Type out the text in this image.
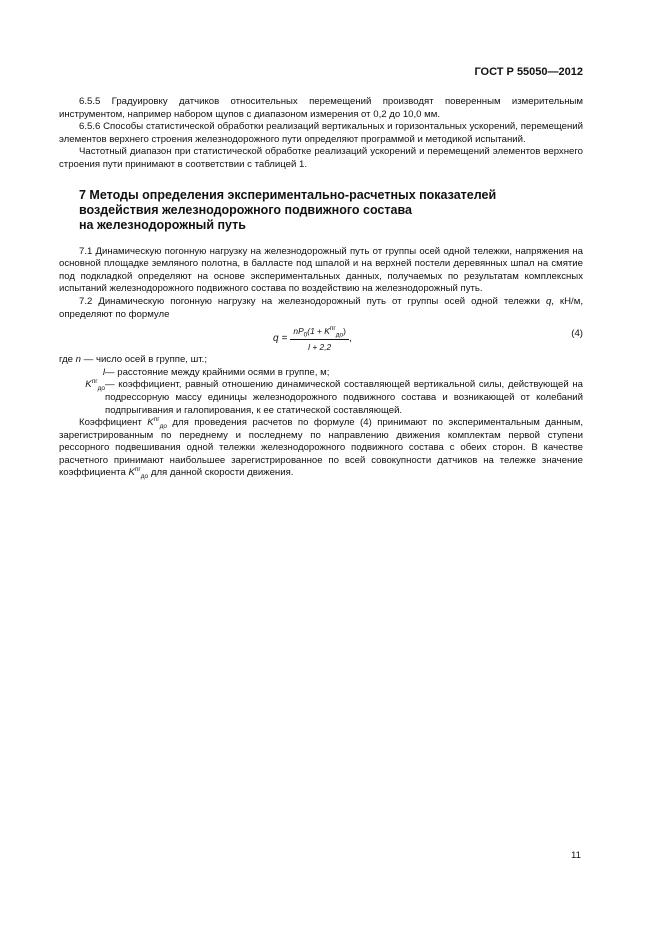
ГОСТ Р 55050—2012

6.5.5 Градуировку датчиков относительных перемещений производят поверенным измерительным инструментом, например набором щупов с диапазоном измерения от 0,2 до 10,0 мм.

6.5.6 Способы статистической обработки реализаций вертикальных и горизонтальных ускорений, перемещений элементов верхнего строения железнодорожного пути определяют программой и методикой испытаний.

Частотный диапазон при статистической обработке реализаций ускорений и перемещений элементов верхнего строения пути принимают в соответствии с таблицей 1.

7 Методы определения экспериментально-расчетных показателей
воздействия железнодорожного подвижного состава
на железнодорожный путь

7.1 Динамическую погонную нагрузку на железнодорожный путь от группы осей одной тележки, напряжения на основной площадке земляного полотна, в балласте под шпалой и на верхней постели деревянных шпал на смятие под подкладкой определяют на основе экспериментальных данных, получаемых по результатам комплексных испытаний железнодорожного подвижного состава по воздействию на железнодорожный путь.

7.2 Динамическую погонную нагрузку на железнодорожный путь от группы осей одной тележки q, кН/м, определяют по формуле

$q = \frac{nP_0(1 + K^{пг}_{до})}{l + 2,2}$ ,	(4)
где n — число осей в группе, шт.;
l — расстояние между крайними осями в группе, м;
$K^{пг}_{до}$ — коэффициент, равный отношению динамической составляющей вертикальной силы, действующей на подрессорную массу единицы железнодорожного подвижного состава и возникающей от колебаний подпрыгивания и галопирования, к ее статической составляющей.

Коэффициент $K^{пг}_{до}$ для проведения расчетов по формуле (4) принимают по экспериментальным данным, зарегистрированным по переднему и последнему по направлению движения комплектам первой ступени рессорного подвешивания одной тележки железнодорожного подвижного состава с обеих сторон. В качестве расчетного принимают наибольшее зарегистрированное по всей совокупности датчиков на тележке значение коэффициента $K^{пг}_{до}$ для данной скорости движения.

11
